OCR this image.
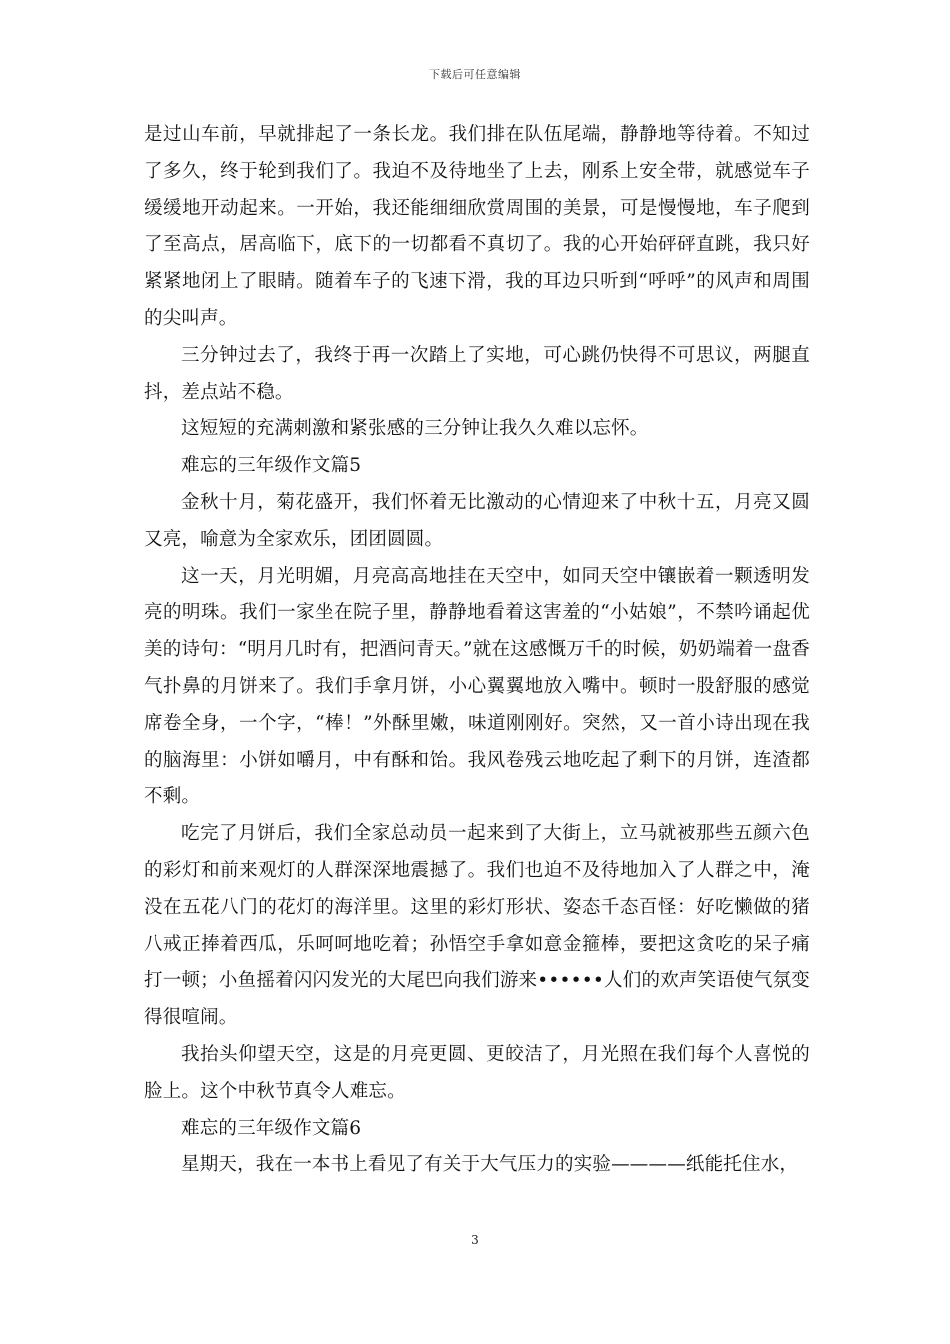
下载后可任意编辑

是过山车前，早就排起了一条长龙。我们排在队伍尾端，静静地等待着。不知过了多久，终于轮到我们了。我迫不及待地坐了上去，刚系上安全带，就感觉车子缓缓地开动起来。一开始，我还能细细欣赏周围的美景，可是慢慢地，车子爬到了至高点，居高临下，底下的一切都看不真切了。我的心开始砰砰直跳，我只好紧紧地闭上了眼睛。随着车子的飞速下滑，我的耳边只听到“呼呼”的风声和周围的尖叫声。

三分钟过去了，我终于再一次踏上了实地，可心跳仍快得不可思议，两腿直抖，差点站不稳。

这短短的充满刺激和紧张感的三分钟让我久久难以忘怀。

难忘的三年级作文篇5

金秋十月，菊花盛开，我们怀着无比激动的心情迎来了中秋十五，月亮又圆又亮，喻意为全家欢乐，团团圆圆。

这一天，月光明媚，月亮高高地挂在天空中，如同天空中镶嵌着一颗透明发亮的明珠。我们一家坐在院子里，静静地看着这害羞的“小姑娘”，不禁吟诵起优美的诗句：“明月几时有，把酒问青天。”就在这感慨万千的时候，奶奶端着一盘香气扑鼻的月饼来了。我们手拿月饼，小心翼翼地放入嘴中。顿时一股舒服的感觉席卷全身，一个字，“棒！”外酥里嫩，味道刚刚好。突然，又一首小诗出现在我的脑海里：小饼如嚼月，中有酥和饴。我风卷残云地吃起了剩下的月饼，连渣都不剩。

吃完了月饼后，我们全家总动员一起来到了大街上，立马就被那些五颜六色的彩灯和前来观灯的人群深深地震撼了。我们也迫不及待地加入了人群之中，淹没在五花八门的花灯的海洋里。这里的彩灯形状、姿态千态百怪：好吃懒做的猪八戒正捧着西瓜，乐呵呵地吃着；孙悟空手拿如意金箍棒，要把这贪吃的呆子痛打一顿；小鱼摇着闪闪发光的大尾巴向我们游来••••••人们的欢声笑语使气氛变得很喧闹。

我抬头仰望天空，这是的月亮更圆、更皎洁了，月光照在我们每个人喜悦的脸上。这个中秋节真令人难忘。

难忘的三年级作文篇6

星期天，我在一本书上看见了有关于大气压力的实验————纸能托住水，

3
